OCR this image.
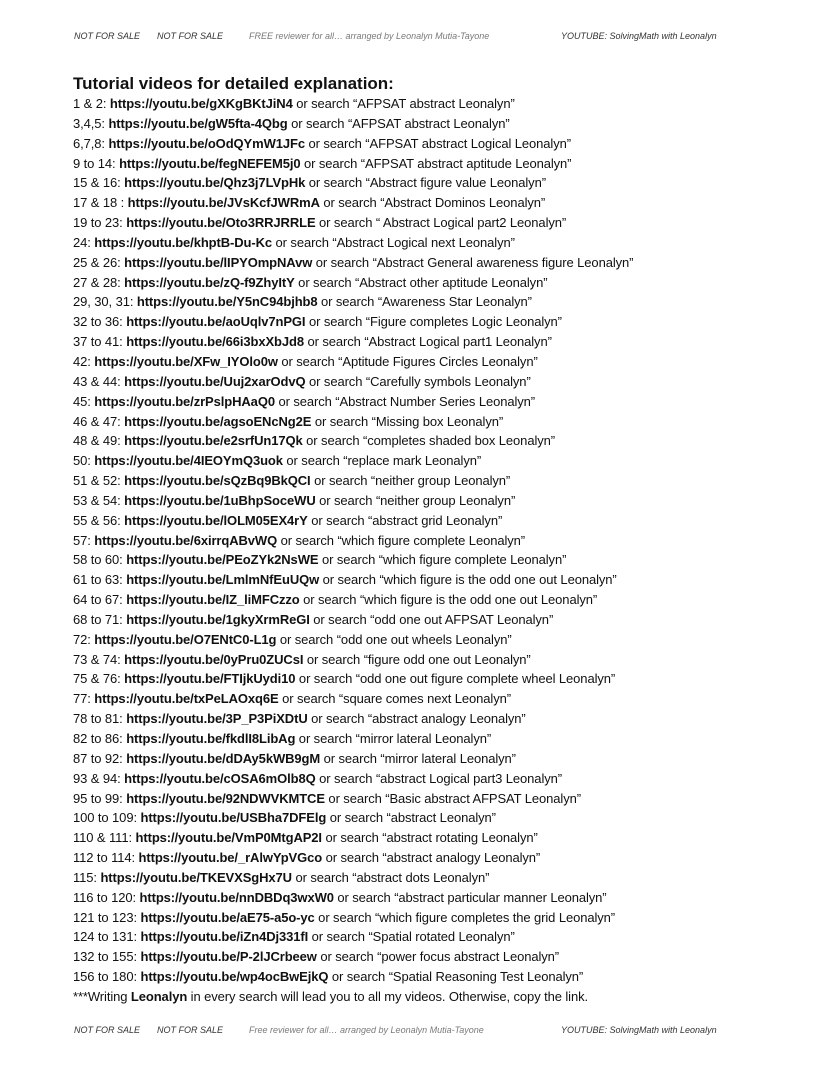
NOT FOR SALE NOT FOR SALE	FREE reviewer for all… arranged by Leonalyn Mutia-Tayone	YOUTUBE: SolvingMath with Leonalyn
Tutorial videos for detailed explanation:
1 & 2: https://youtu.be/gXKgBKtJiN4 or search “AFPSAT abstract Leonalyn”
3,4,5: https://youtu.be/gW5fta-4Qbg or search “AFPSAT abstract Leonalyn”
6,7,8: https://youtu.be/oOdQYmW1JFc or search “AFPSAT abstract Logical Leonalyn”
9 to 14: https://youtu.be/fegNEFEM5j0 or search “AFPSAT abstract aptitude Leonalyn”
15 & 16: https://youtu.be/Qhz3j7LVpHk or search “Abstract figure value Leonalyn”
17 & 18 : https://youtu.be/JVsKcfJWRmA or search “Abstract Dominos Leonalyn”
19 to 23: https://youtu.be/Oto3RRJRRLE or search “ Abstract Logical part2 Leonalyn”
24: https://youtu.be/khptB-Du-Kc or search “Abstract Logical next Leonalyn”
25 & 26: https://youtu.be/lIPYOmpNAvw or search “Abstract General awareness figure Leonalyn”
27 & 28: https://youtu.be/zQ-f9ZhyItY or search “Abstract other aptitude Leonalyn”
29, 30, 31: https://youtu.be/Y5nC94bjhb8 or search “Awareness Star Leonalyn”
32 to 36: https://youtu.be/aoUqlv7nPGI or search “Figure completes Logic Leonalyn”
37 to 41: https://youtu.be/66i3bxXbJd8 or search “Abstract Logical part1 Leonalyn”
42: https://youtu.be/XFw_IYOlo0w or search “Aptitude Figures Circles Leonalyn”
43 & 44: https://youtu.be/Uuj2xarOdvQ or search “Carefully symbols Leonalyn”
45: https://youtu.be/zrPslpHAaQ0 or search “Abstract Number Series Leonalyn”
46 & 47: https://youtu.be/agsoENcNg2E or search “Missing box Leonalyn”
48 & 49: https://youtu.be/e2srfUn17Qk or search “completes shaded box Leonalyn”
50: https://youtu.be/4IEOYmQ3uok or search “replace mark Leonalyn”
51 & 52: https://youtu.be/sQzBq9BkQCI or search “neither group Leonalyn”
53 & 54: https://youtu.be/1uBhpSoceWU or search “neither group Leonalyn”
55 & 56: https://youtu.be/lOLM05EX4rY or search “abstract grid Leonalyn”
57: https://youtu.be/6xirrqABvWQ or search “which figure complete Leonalyn”
58 to 60: https://youtu.be/PEoZYk2NsWE or search “which figure complete Leonalyn”
61 to 63: https://youtu.be/LmlmNfEuUQw or search “which figure is the odd one out Leonalyn”
64 to 67: https://youtu.be/IZ_liMFCzzo or search “which figure is the odd one out Leonalyn”
68 to 71: https://youtu.be/1gkyXrmReGI or search “odd one out AFPSAT Leonalyn”
72: https://youtu.be/O7ENtC0-L1g or search “odd one out wheels Leonalyn”
73 & 74: https://youtu.be/0yPru0ZUCsI or search “figure odd one out Leonalyn”
75 & 76: https://youtu.be/FTIjkUydi10 or search “odd one out figure complete wheel Leonalyn”
77: https://youtu.be/txPeLAOxq6E or search “square comes next Leonalyn”
78 to 81: https://youtu.be/3P_P3PiXDtU or search “abstract analogy Leonalyn”
82 to 86: https://youtu.be/fkdlI8LibAg or search “mirror lateral Leonalyn”
87 to 92: https://youtu.be/dDAy5kWB9gM or search “mirror lateral Leonalyn”
93 & 94: https://youtu.be/cOSA6mOlb8Q or search “abstract Logical part3 Leonalyn”
95 to 99: https://youtu.be/92NDWVKMTCE or search “Basic abstract AFPSAT Leonalyn”
100 to 109: https://youtu.be/USBha7DFElg or search “abstract Leonalyn”
110 & 111: https://youtu.be/VmP0MtgAP2I or search “abstract rotating Leonalyn”
112 to 114: https://youtu.be/_rAlwYpVGco or search “abstract analogy Leonalyn”
115: https://youtu.be/TKEVXSgHx7U or search “abstract dots Leonalyn”
116 to 120: https://youtu.be/nnDBDq3wxW0 or search “abstract particular manner Leonalyn”
121 to 123: https://youtu.be/aE75-a5o-yc or search “which figure completes the grid Leonalyn”
124 to 131: https://youtu.be/iZn4Dj331fI or search “Spatial rotated Leonalyn”
132 to 155: https://youtu.be/P-2lJCrbeew or search “power focus abstract Leonalyn”
156 to 180: https://youtu.be/wp4ocBwEjkQ or search “Spatial Reasoning Test Leonalyn”
***Writing Leonalyn in every search will lead you to all my videos. Otherwise, copy the link.
NOT FOR SALE NOT FOR SALE	Free reviewer for all… arranged by Leonalyn Mutia-Tayone	YOUTUBE: SolvingMath with Leonalyn
